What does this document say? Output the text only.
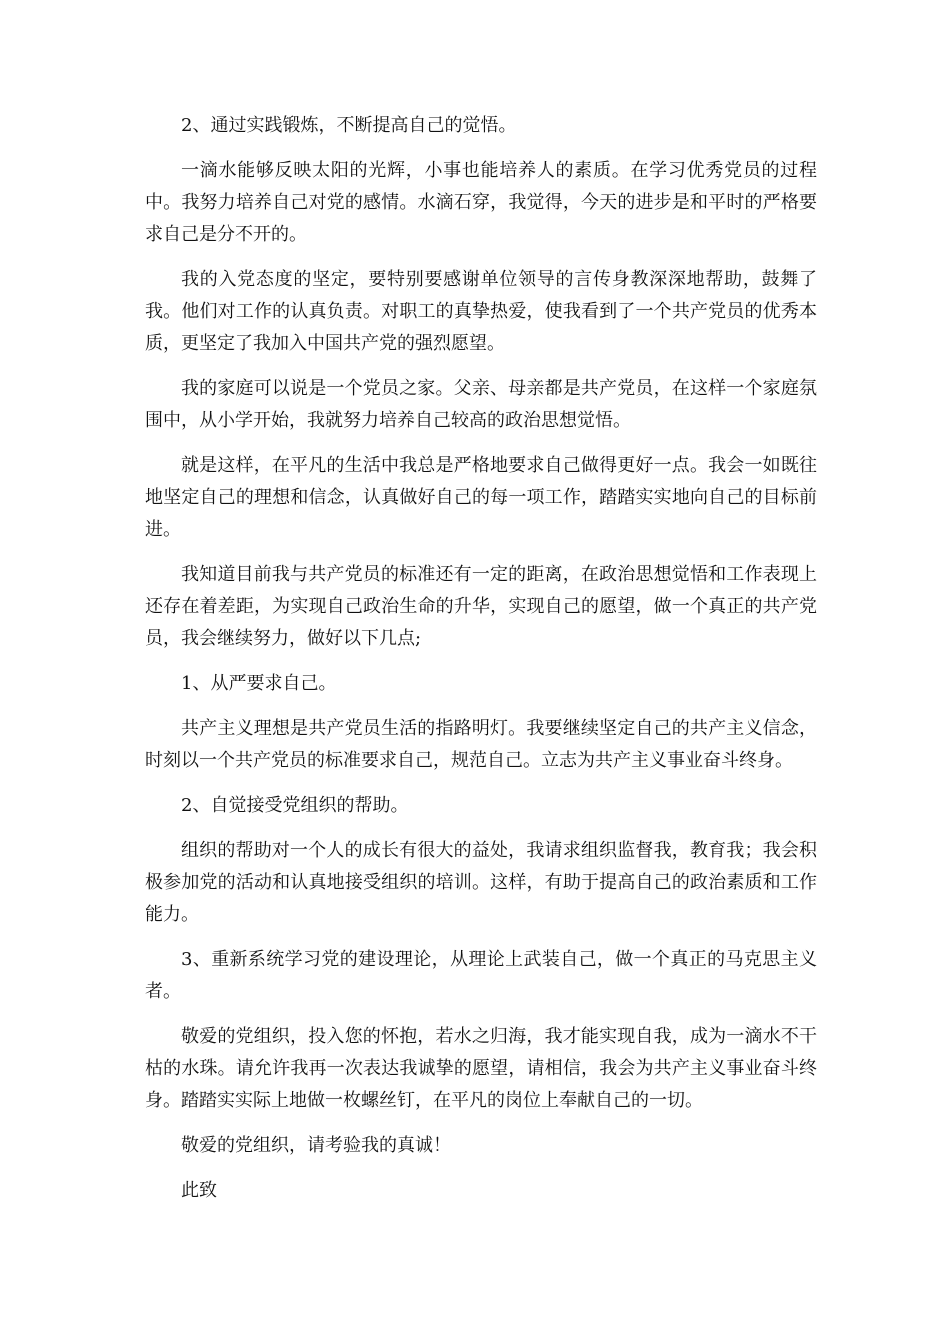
2、通过实践锻炼，不断提高自己的觉悟。

一滴水能够反映太阳的光辉，小事也能培养人的素质。在学习优秀党员的过程中。我努力培养自己对党的感情。水滴石穿，我觉得，今天的进步是和平时的严格要求自己是分不开的。

我的入党态度的坚定，要特别要感谢单位领导的言传身教深深地帮助，鼓舞了我。他们对工作的认真负责。对职工的真挚热爱，使我看到了一个共产党员的优秀本质，更坚定了我加入中国共产党的强烈愿望。

我的家庭可以说是一个党员之家。父亲、母亲都是共产党员，在这样一个家庭氛围中，从小学开始，我就努力培养自己较高的政治思想觉悟。

就是这样，在平凡的生活中我总是严格地要求自己做得更好一点。我会一如既往地坚定自己的理想和信念，认真做好自己的每一项工作，踏踏实实地向自己的目标前进。

我知道目前我与共产党员的标准还有一定的距离，在政治思想觉悟和工作表现上还存在着差距，为实现自己政治生命的升华，实现自己的愿望，做一个真正的共产党员，我会继续努力，做好以下几点;

1、从严要求自己。

共产主义理想是共产党员生活的指路明灯。我要继续坚定自己的共产主义信念，时刻以一个共产党员的标准要求自己，规范自己。立志为共产主义事业奋斗终身。

2、自觉接受党组织的帮助。

组织的帮助对一个人的成长有很大的益处，我请求组织监督我，教育我；我会积极参加党的活动和认真地接受组织的培训。这样，有助于提高自己的政治素质和工作能力。

3、重新系统学习党的建设理论，从理论上武装自己，做一个真正的马克思主义者。

敬爱的党组织，投入您的怀抱，若水之归海，我才能实现自我，成为一滴水不干枯的水珠。请允许我再一次表达我诚挚的愿望，请相信，我会为共产主义事业奋斗终身。踏踏实实际上地做一枚螺丝钉，在平凡的岗位上奉献自己的一切。

敬爱的党组织，请考验我的真诚！

此致
